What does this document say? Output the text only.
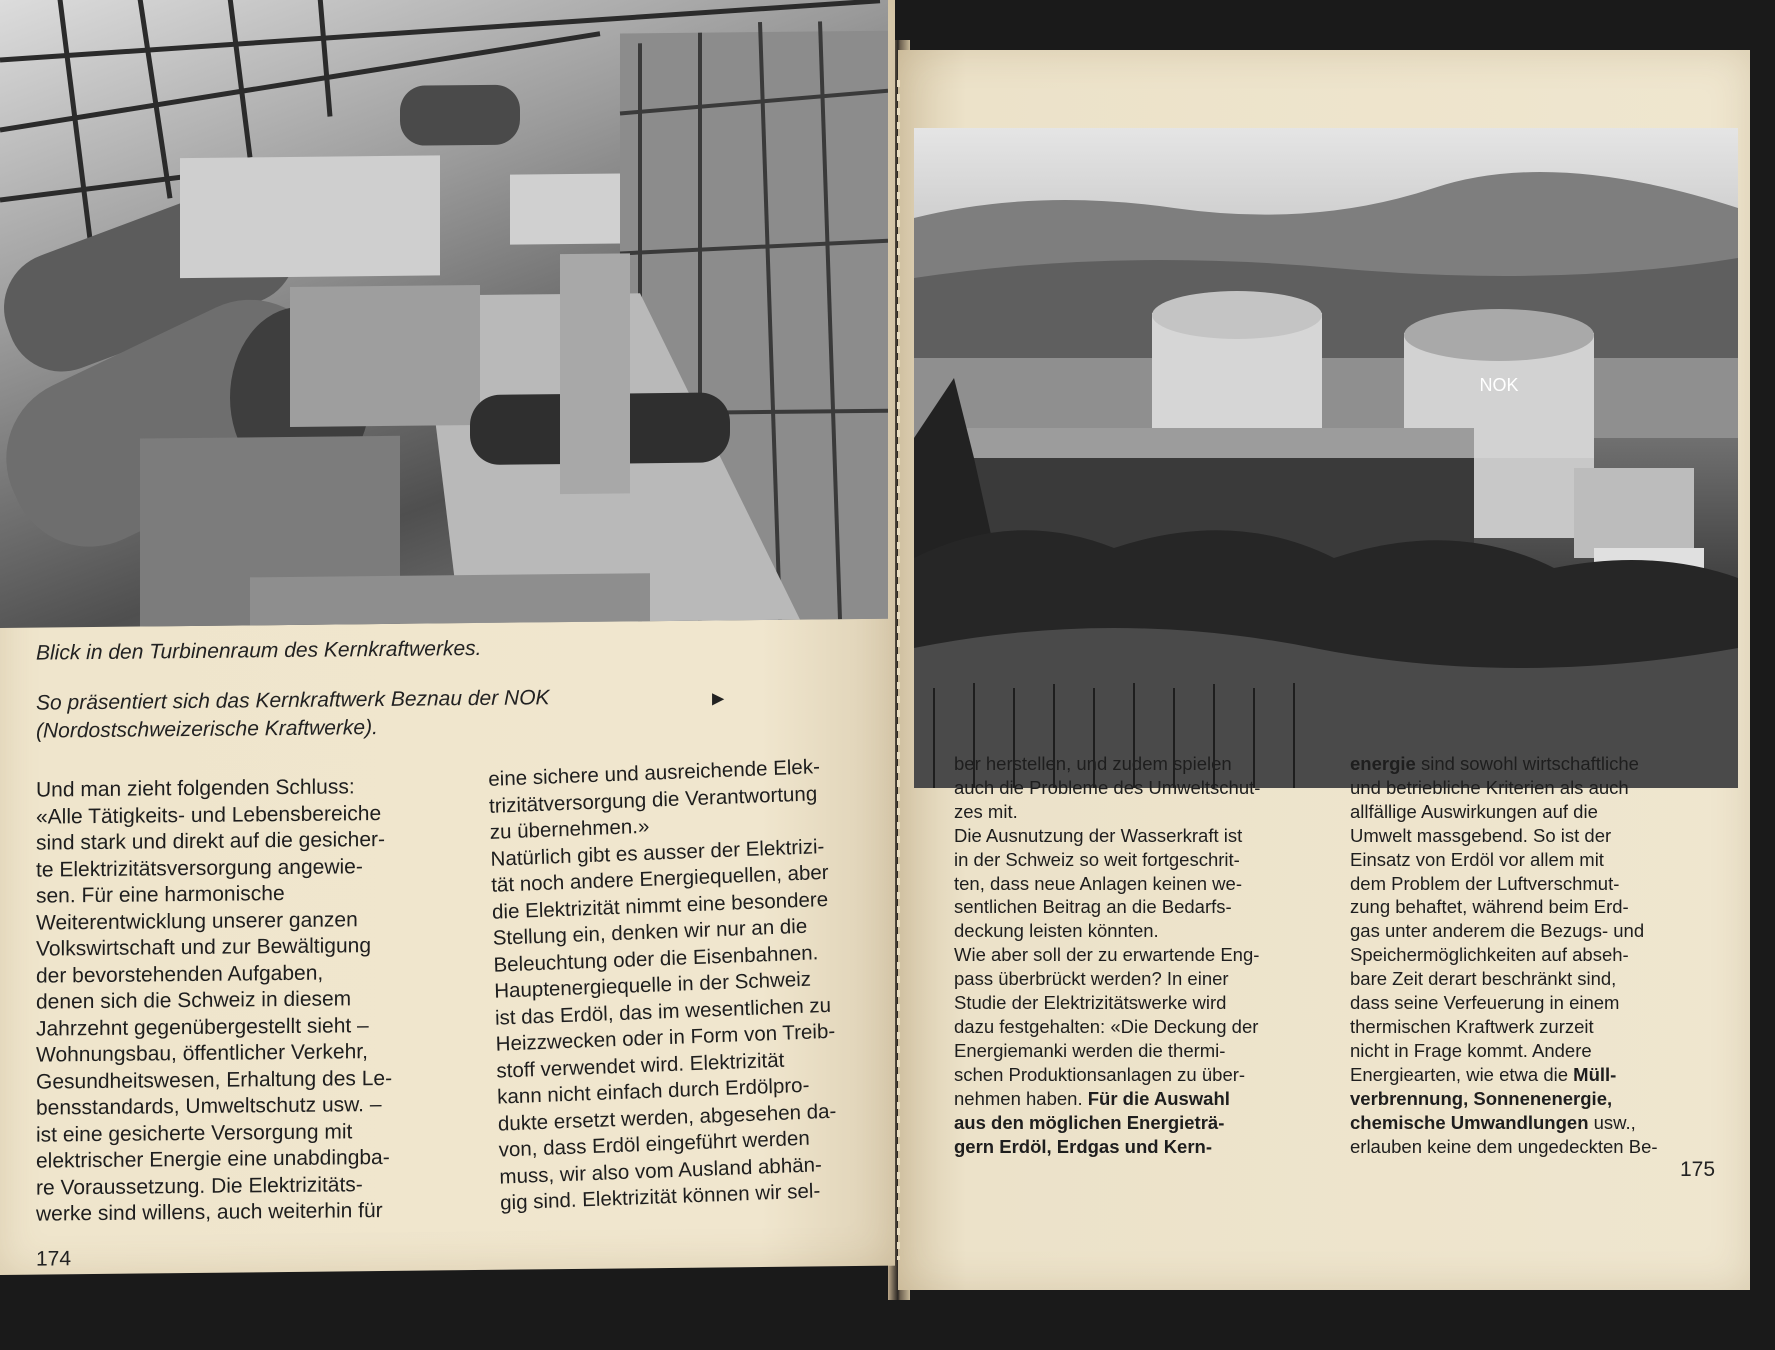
Blick in den Turbinenraum des Kernkraftwerkes.
So präsentiert sich das Kernkraftwerk Beznau der NOK	▶
(Nordostschweizerische Kraftwerke).
Und man zieht folgenden Schluss:
«Alle Tätigkeits- und Lebensbereiche
sind stark und direkt auf die gesicher-
te Elektrizitätsversorgung angewie-
sen. Für eine harmonische
Weiterentwicklung unserer ganzen
Volkswirtschaft und zur Bewältigung
der bevorstehenden Aufgaben,
denen sich die Schweiz in diesem
Jahrzehnt gegenübergestellt sieht –
Wohnungsbau, öffentlicher Verkehr,
Gesundheitswesen, Erhaltung des Le-
bensstandards, Umweltschutz usw. –
ist eine gesicherte Versorgung mit
elektrischer Energie eine unabdingba-
re Voraussetzung. Die Elektrizitäts-
werke sind willens, auch weiterhin für
eine sichere und ausreichende Elek-
trizitätversorgung die Verantwortung
zu übernehmen.»
Natürlich gibt es ausser der Elektrizi-
tät noch andere Energiequellen, aber
die Elektrizität nimmt eine besondere
Stellung ein, denken wir nur an die
Beleuchtung oder die Eisenbahnen.
Hauptenergiequelle in der Schweiz
ist das Erdöl, das im wesentlichen zu
Heizzwecken oder in Form von Treib-
stoff verwendet wird. Elektrizität
kann nicht einfach durch Erdölpro-
dukte ersetzt werden, abgesehen da-
von, dass Erdöl eingeführt werden
muss, wir also vom Ausland abhän-
gig sind. Elektrizität können wir sel-
174
NOK
ber herstellen, und zudem spielen
auch die Probleme des Umweltschut-
zes mit.
Die Ausnutzung der Wasserkraft ist
in der Schweiz so weit fortgeschrit-
ten, dass neue Anlagen keinen we-
sentlichen Beitrag an die Bedarfs-
deckung leisten könnten.
Wie aber soll der zu erwartende Eng-
pass überbrückt werden? In einer
Studie der Elektrizitätswerke wird
dazu festgehalten: «Die Deckung der
Energiemankі werden die thermi-
schen Produktionsanlagen zu über-
nehmen haben. Für die Auswahl
aus den möglichen Energieträ-
gern Erdöl, Erdgas und Kern-
energie sind sowohl wirtschaftliche
und betriebliche Kriterien als auch
allfällige Auswirkungen auf die
Umwelt massgebend. So ist der
Einsatz von Erdöl vor allem mit
dem Problem der Luftverschmut-
zung behaftet, während beim Erd-
gas unter anderem die Bezugs- und
Speichermöglichkeiten auf abseh-
bare Zeit derart beschränkt sind,
dass seine Verfeuerung in einem
thermischen Kraftwerk zurzeit
nicht in Frage kommt. Andere
Energiearten, wie etwa die Müll-
verbrennung, Sonnenenergie,
chemische Umwandlungen usw.,
erlauben keine dem ungedeckten Be-
175
